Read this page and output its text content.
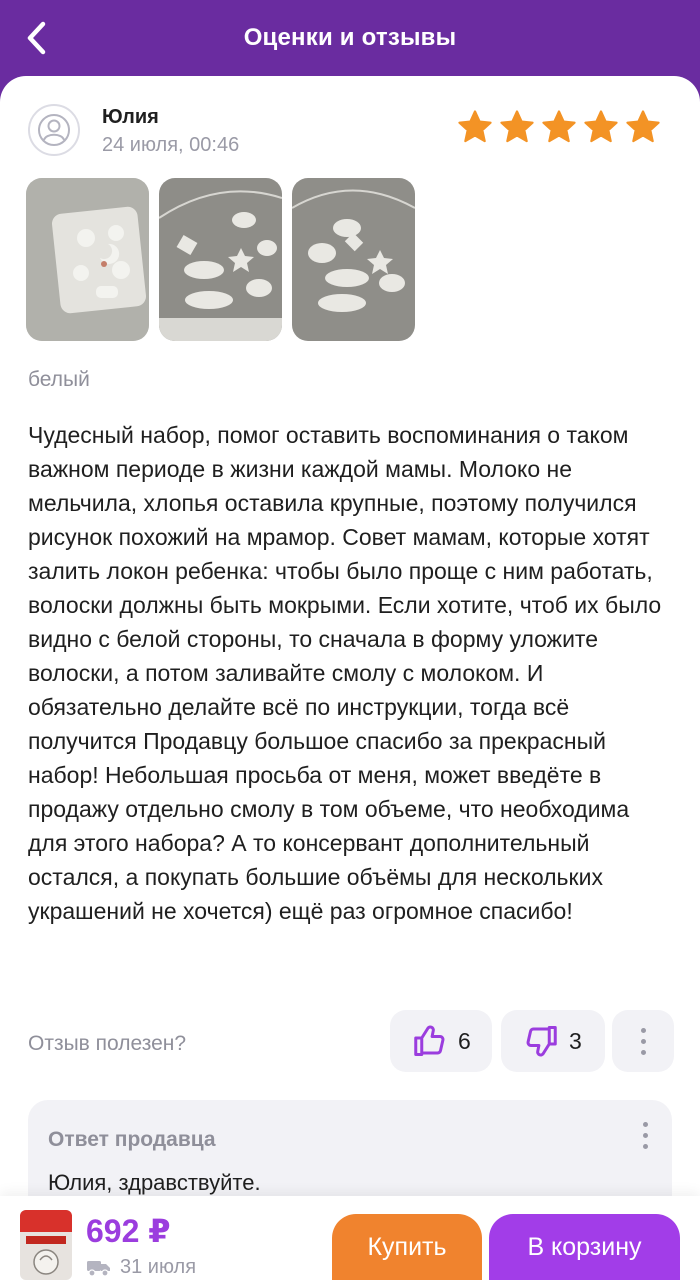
Оценки и отзывы
Юлия
24 июля, 00:46
белый
Чудесный набор, помог оставить воспоминания о таком важном периоде в жизни каждой мамы. Молоко не мельчила, хлопья оставила крупные, поэтому получился рисунок похожий на мрамор. Совет мамам, которые хотят залить локон ребенка: чтобы было проще с ним работать, волоски должны быть мокрыми. Если хотите, чтоб их было видно с белой стороны, то сначала в форму уложите волоски, а потом заливайте смолу с молоком. И обязательно делайте всё по инструкции, тогда всё получится Продавцу большое спасибо за прекрасный набор! Небольшая просьба от меня, может введёте в продажу отдельно смолу в том объеме, что необходима для этого набора? А то консервант дополнительный остался, а покупать большие объёмы для нескольких украшений не хочется) ещё раз огромное спасибо!
Отзыв полезен?	6	3
Ответ продавца
Юлия, здравствуйте.
692 ₽
31 июля
Купить	В корзину
